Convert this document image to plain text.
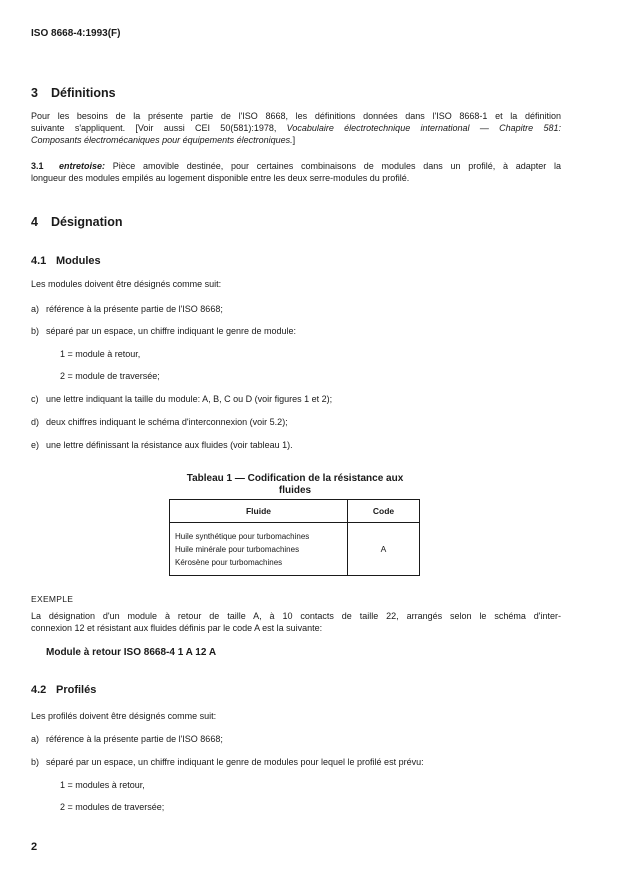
ISO 8668-4:1993(F)
3 Définitions
Pour les besoins de la présente partie de l'ISO 8668, les définitions données dans l'ISO 8668-1 et la définition
suivante s'appliquent. [Voir aussi CEI 50(581):1978, Vocabulaire électrotechnique international — Chapitre 581:
Composants électromécaniques pour équipements électroniques.]
3.1 entretoise: Pièce amovible destinée, pour certaines combinaisons de modules dans un profilé, à adapter la
longueur des modules empilés au logement disponible entre les deux serre-modules du profilé.
4 Désignation
4.1 Modules
Les modules doivent être désignés comme suit:
a) référence à la présente partie de l'ISO 8668;
b) séparé par un espace, un chiffre indiquant le genre de module:
1 = module à retour,
2 = module de traversée;
c) une lettre indiquant la taille du module: A, B, C ou D (voir figures 1 et 2);
d) deux chiffres indiquant le schéma d'interconnexion (voir 5.2);
e) une lettre définissant la résistance aux fluides (voir tableau 1).
Tableau 1 — Codification de la résistance aux
fluides
Fluide	Code

Huile synthétique pour turbomachines
Huile minérale pour turbomachines
Kérosène pour turbomachines	A
EXEMPLE
La désignation d'un module à retour de taille A, à 10 contacts de taille 22, arrangés selon le schéma d'inter-
connexion 12 et résistant aux fluides définis par le code A est la suivante:
Module à retour ISO 8668-4 1 A 12 A
4.2 Profilés
Les profilés doivent être désignés comme suit:
a) référence à la présente partie de l'ISO 8668;
b) séparé par un espace, un chiffre indiquant le genre de modules pour lequel le profilé est prévu:
1 = modules à retour,
2 = modules de traversée;
2
